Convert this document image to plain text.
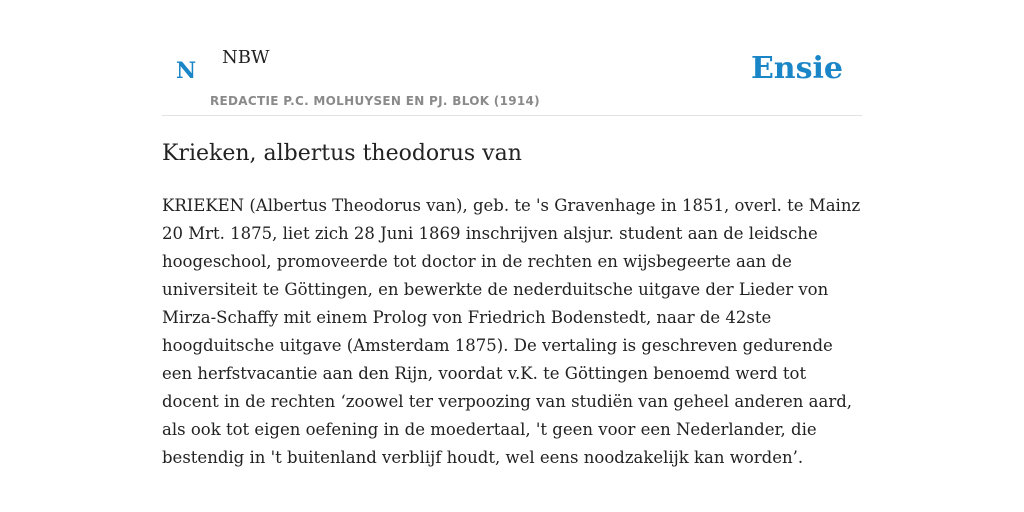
N
NBW	Ensie
REDACTIE P.C. MOLHUYSEN EN PJ. BLOK (1914)
Krieken, albertus theodorus van

KRIEKEN (Albertus Theodorus van), geb. te 's Gravenhage in 1851, overl. te Mainz
20 Mrt. 1875, liet zich 28 Juni 1869 inschrijven alsjur. student aan de leidsche
hoogeschool, promoveerde tot doctor in de rechten en wijsbegeerte aan de
universiteit te Göttingen, en bewerkte de nederduitsche uitgave der Lieder von
Mirza-Schaffy mit einem Prolog von Friedrich Bodenstedt, naar de 42ste
hoogduitsche uitgave (Amsterdam 1875). De vertaling is geschreven gedurende
een herfstvacantie aan den Rijn, voordat v.K. te Göttingen benoemd werd tot
docent in de rechten ‘zoowel ter verpoozing van studiën van geheel anderen aard,
als ook tot eigen oefening in de moedertaal, 't geen voor een Nederlander, die
bestendig in 't buitenland verblijf houdt, wel eens noodzakelijk kan worden’.
